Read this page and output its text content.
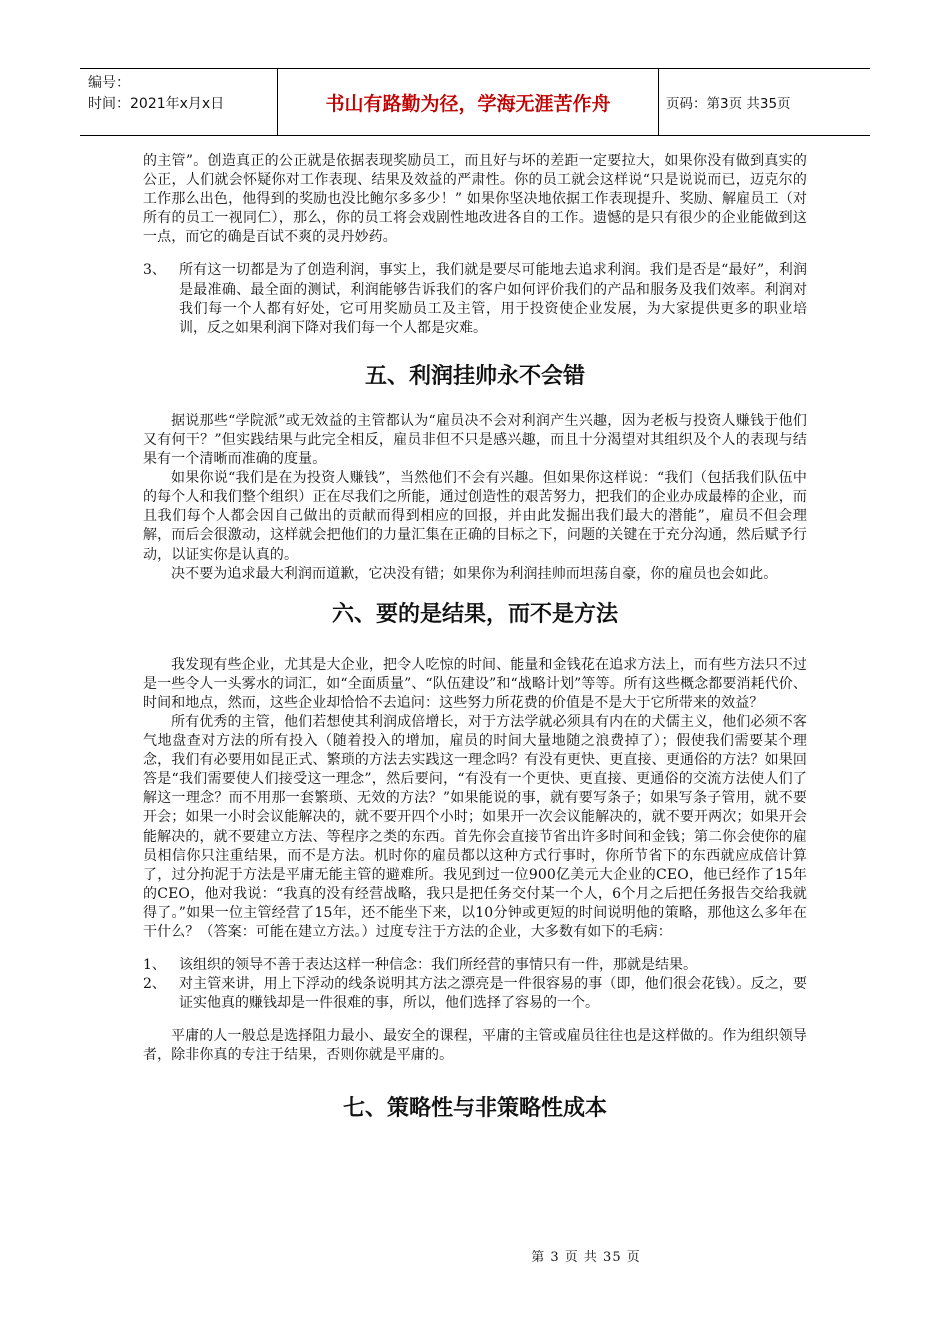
编号：
时间：2021年x月x日	书山有路勤为径，学海无涯苦作舟	页码：第3页 共35页

的主管”。创造真正的公正就是依据表现奖励员工，而且好与坏的差距一定要拉大，如果你没有做到真实的公正，人们就会怀疑你对工作表现、结果及效益的严肃性。你的员工就会这样说“只是说说而已，迈克尔的工作那么出色，他得到的奖励也没比鲍尔多多少！” 如果你坚决地依据工作表现提升、奖励、解雇员工（对所有的员工一视同仁），那么，你的员工将会戏剧性地改进各自的工作。遗憾的是只有很少的企业能做到这一点，而它的确是百试不爽的灵丹妙药。

3、 所有这一切都是为了创造利润，事实上，我们就是要尽可能地去追求利润。我们是否是“最好”，利润是最准确、最全面的测试，利润能够告诉我们的客户如何评价我们的产品和服务及我们效率。利润对我们每一个人都有好处，它可用奖励员工及主管，用于投资使企业发展，为大家提供更多的职业培训，反之如果利润下降对我们每一个人都是灾难。
五、利润挂帅永不会错

据说那些“学院派”或无效益的主管都认为“雇员决不会对利润产生兴趣，因为老板与投资人赚钱于他们又有何干？”但实践结果与此完全相反，雇员非但不只是感兴趣，而且十分渴望对其组织及个人的表现与结果有一个清晰而准确的度量。

如果你说“我们是在为投资人赚钱”，当然他们不会有兴趣。但如果你这样说：“我们（包括我们队伍中的每个人和我们整个组织）正在尽我们之所能，通过创造性的艰苦努力，把我们的企业办成最棒的企业，而且我们每个人都会因自己做出的贡献而得到相应的回报，并由此发掘出我们最大的潜能”，雇员不但会理解，而后会很激动，这样就会把他们的力量汇集在正确的目标之下，问题的关键在于充分沟通，然后赋予行动，以证实你是认真的。

决不要为追求最大利润而道歉，它决没有错；如果你为利润挂帅而坦荡自豪，你的雇员也会如此。

六、要的是结果，而不是方法

我发现有些企业，尤其是大企业，把令人吃惊的时间、能量和金钱花在追求方法上，而有些方法只不过是一些令人一头雾水的词汇，如“全面质量”、“队伍建设”和“战略计划”等等。所有这些概念都要消耗代价、时间和地点，然而，这些企业却恰恰不去追问：这些努力所花费的价值是不是大于它所带来的效益？

所有优秀的主管，他们若想使其利润成倍增长，对于方法学就必须具有内在的犬儒主义，他们必须不客气地盘查对方法的所有投入（随着投入的增加，雇员的时间大量地随之浪费掉了）；假使我们需要某个理念，我们有必要用如昆正式、繁琐的方法去实践这一理念吗？有没有更快、更直接、更通俗的方法？如果回答是“我们需要使人们接受这一理念”，然后要问，“有没有一个更快、更直接、更通俗的交流方法使人们了解这一理念？而不用那一套繁琐、无效的方法？”如果能说的事，就有要写条子；如果写条子管用，就不要开会；如果一小时会议能解决的，就不要开四个小时；如果开一次会议能解决的，就不要开两次；如果开会能解决的，就不要建立方法、等程序之类的东西。首先你会直接节省出许多时间和金钱；第二你会使你的雇员相信你只注重结果，而不是方法。机时你的雇员都以这种方式行事时，你所节省下的东西就应成倍计算了，过分拘泥于方法是平庸无能主管的避难所。我见到过一位900亿美元大企业的CEO，他已经作了15年的CEO，他对我说：“我真的没有经营战略，我只是把任务交付某一个人，6个月之后把任务报告交给我就得了。”如果一位主管经营了15年，还不能坐下来，以10分钟或更短的时间说明他的策略，那他这么多年在干什么？（答案：可能在建立方法。）过度专注于方法的企业，大多数有如下的毛病：

1、 该组织的领导不善于表达这样一种信念：我们所经营的事情只有一件，那就是结果。
2、 对主管来讲，用上下浮动的线条说明其方法之漂亮是一件很容易的事（即，他们很会花钱）。反之，要证实他真的赚钱却是一件很难的事，所以，他们选择了容易的一个。

平庸的人一般总是选择阻力最小、最安全的课程，平庸的主管或雇员往往也是这样做的。作为组织领导者，除非你真的专注于结果，否则你就是平庸的。

七、策略性与非策略性成本
第 3 页 共 35 页
